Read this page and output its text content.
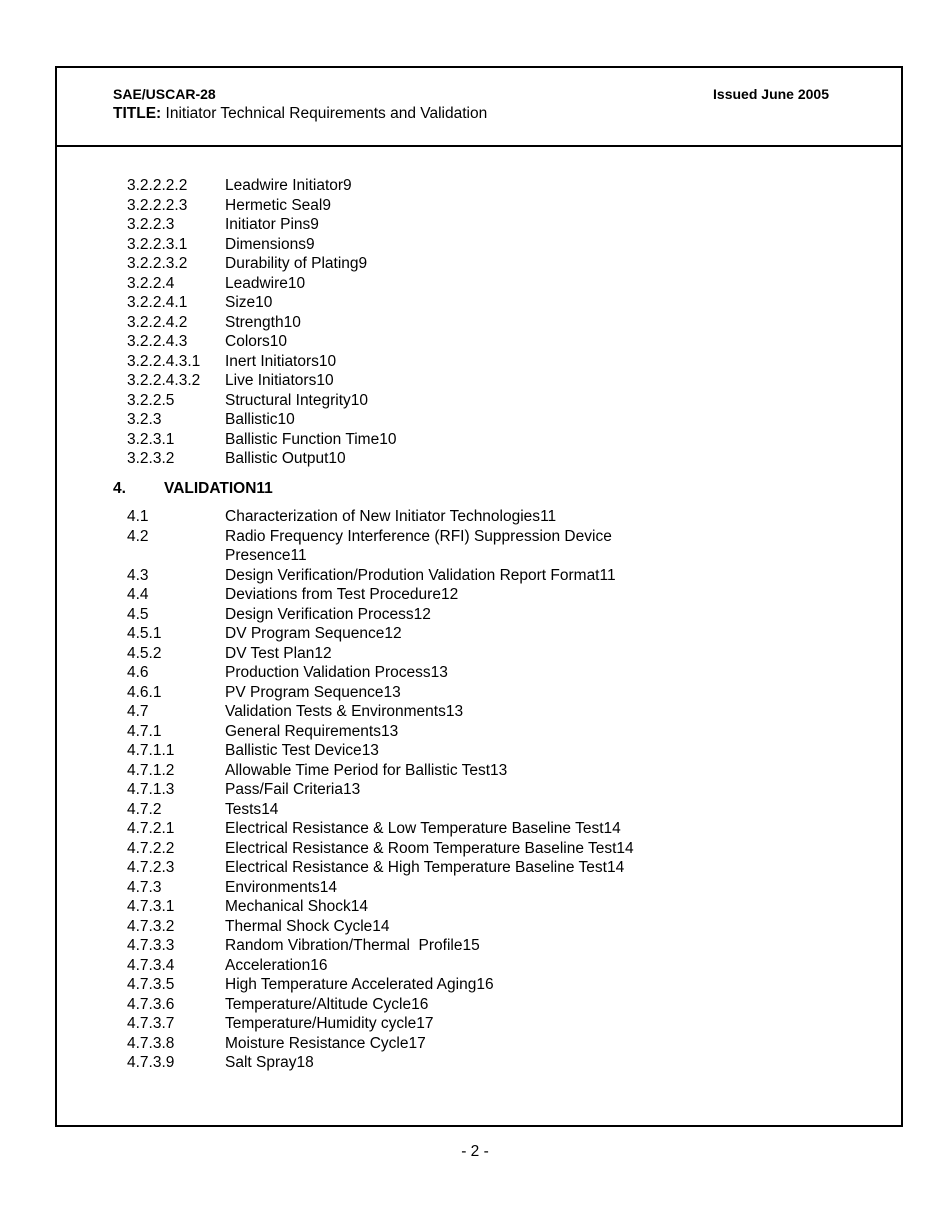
SAE/USCAR-28	Issued June 2005
TITLE: Initiator Technical Requirements and Validation
3.2.2.2.2 Leadwire Initiator 9
3.2.2.2.3 Hermetic Seal 9
3.2.2.3	Initiator Pins 9
3.2.2.3.1 Dimensions 9
3.2.2.3.2 Durability of Plating 9
3.2.2.4	Leadwire 10
3.2.2.4.1 Size 10
3.2.2.4.2 Strength 10
3.2.2.4.3 Colors 10
3.2.2.4.3.1 Inert Initiators 10
3.2.2.4.3.2 Live Initiators 10
3.2.2.5	Structural Integrity 10
3.2.3	Ballistic 10
3.2.3.1	Ballistic Function Time 10
3.2.3.2	Ballistic Output 10
4. VALIDATION 11
4.1	Characterization of New Initiator Technologies 11
4.2	Radio Frequency Interference (RFI) Suppression Device
Presence 11
4.3	Design Verification/Prodution Validation Report Format 11
4.4	Deviations from Test Procedure 12
4.5	Design Verification Process 12
4.5.1	DV Program Sequence 12
4.5.2	DV Test Plan 12
4.6	Production Validation Process 13
4.6.1	PV Program Sequence 13
4.7	Validation Tests & Environments 13
4.7.1	General Requirements 13
4.7.1.1	Ballistic Test Device 13
4.7.1.2	Allowable Time Period for Ballistic Test 13
4.7.1.3	Pass/Fail Criteria 13
4.7.2	Tests 14
4.7.2.1	Electrical Resistance & Low Temperature Baseline Test 14
4.7.2.2	Electrical Resistance & Room Temperature Baseline Test 14
4.7.2.3	Electrical Resistance & High Temperature Baseline Test 14
4.7.3	Environments 14
4.7.3.1	Mechanical Shock 14
4.7.3.2	Thermal Shock Cycle 14
4.7.3.3	Random Vibration/Thermal  Profile 15
4.7.3.4	Acceleration 16
4.7.3.5	High Temperature Accelerated Aging 16
4.7.3.6	Temperature/Altitude Cycle 16
4.7.3.7	Temperature/Humidity cycle 17
4.7.3.8	Moisture Resistance Cycle 17
4.7.3.9	Salt Spray 18
- 2 -
